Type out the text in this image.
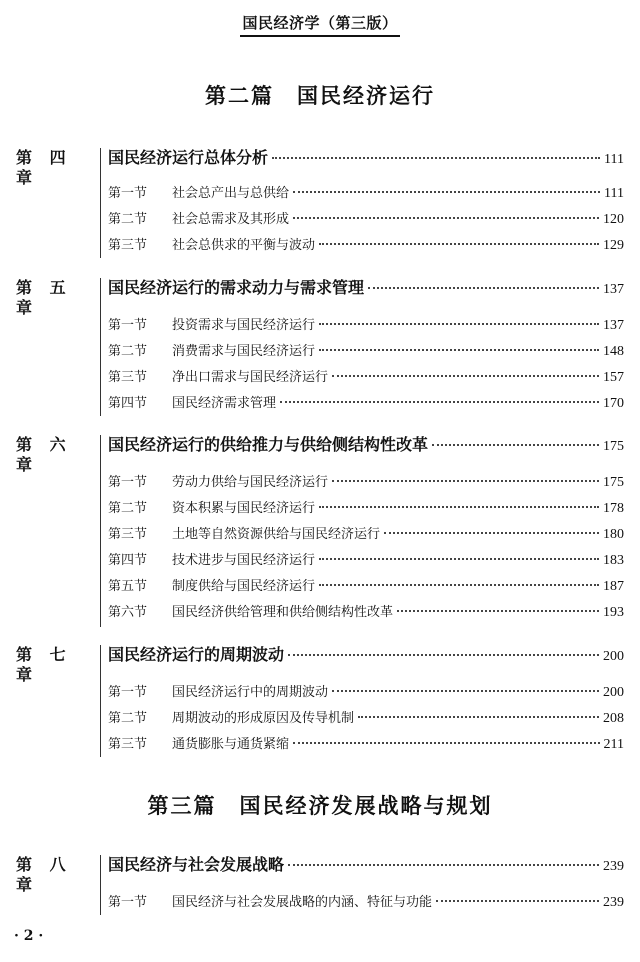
国民经济学（第三版）
第二篇　国民经济运行
第 四 章
国民经济运行总体分析	111
第一节	社会总产出与总供给	111
第二节	社会总需求及其形成	120
第三节	社会总供求的平衡与波动	129
第 五 章
国民经济运行的需求动力与需求管理	137
第一节	投资需求与国民经济运行	137
第二节	消费需求与国民经济运行	148
第三节	净出口需求与国民经济运行	157
第四节	国民经济需求管理	170
第 六 章
国民经济运行的供给推力与供给侧结构性改革	175
第一节	劳动力供给与国民经济运行	175
第二节	资本积累与国民经济运行	178
第三节	土地等自然资源供给与国民经济运行	180
第四节	技术进步与国民经济运行	183
第五节	制度供给与国民经济运行	187
第六节	国民经济供给管理和供给侧结构性改革	193
第 七 章
国民经济运行的周期波动	200
第一节	国民经济运行中的周期波动	200
第二节	周期波动的形成原因及传导机制	208
第三节	通货膨胀与通货紧缩	211
第三篇　国民经济发展战略与规划
第 八 章
国民经济与社会发展战略	239
第一节	国民经济与社会发展战略的内涵、特征与功能	239
· 2 ·
